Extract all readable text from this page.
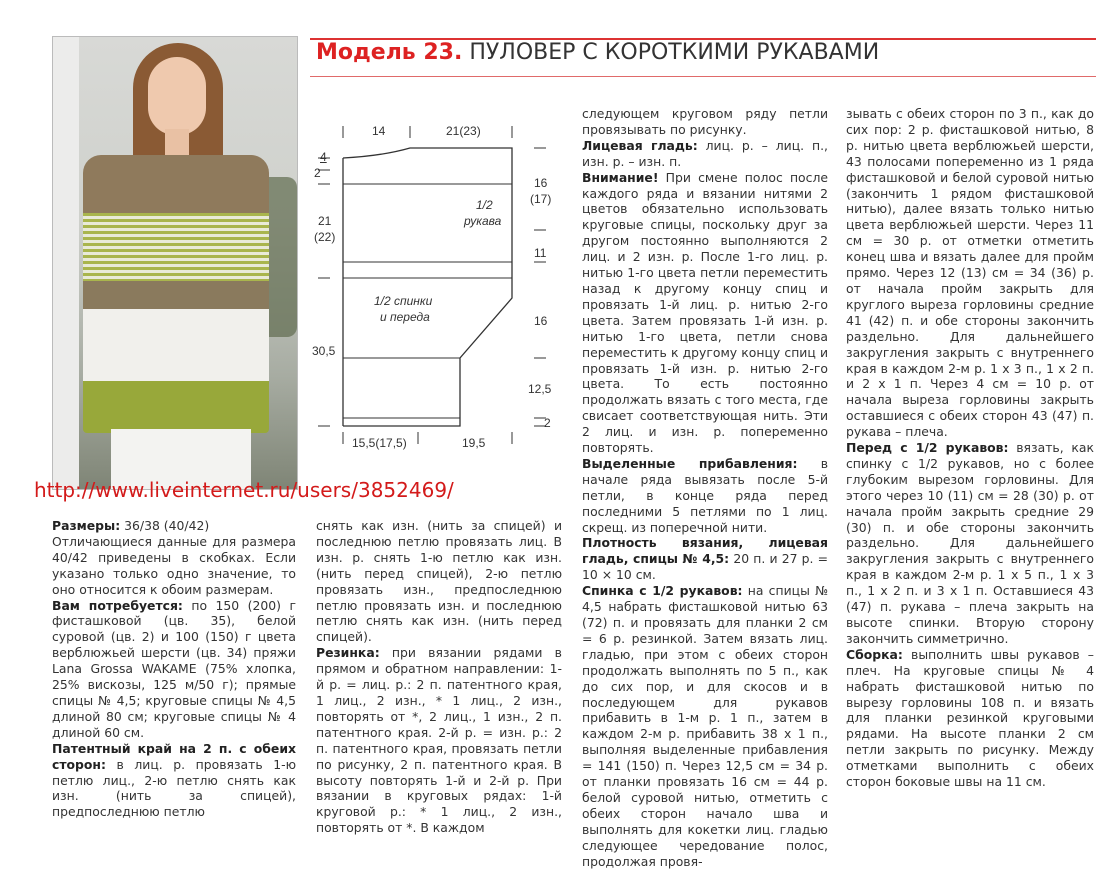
Модель 23. ПУЛОВЕР С КОРОТКИМИ РУКАВАМИ
14	21(23)
4
2
21
(22)
30,5
16
(17)
11
16
12,5
2
15,5(17,5)	19,5
1/2
рукава
1/2 спинки
и переда
http://www.liveinternet.ru/users/3852469/

Размеры: 36/38 (40/42)

Отличающиеся данные для размера 40/42 приведены в скобках. Если указано только одно значение, то оно относится к обоим размерам.

Вам потребуется: по 150 (200) г фисташковой (цв. 35), белой суровой (цв. 2) и 100 (150) г цвета верблюжьей шерсти (цв. 34) пряжи Lana Grossa WAKAME (75% хлопка, 25% вискозы, 125 м/50 г); прямые спицы № 4,5; круговые спицы № 4,5 длиной 80 см; круговые спицы № 4 длиной 60 см.

Патентный край на 2 п. с обеих сторон: в лиц. р. провязать 1-ю петлю лиц., 2-ю петлю снять как изн. (нить за спицей), предпоследнюю петлю

снять как изн. (нить за спицей) и последнюю петлю провязать лиц. В изн. р. снять 1-ю петлю как изн. (нить перед спицей), 2-ю петлю провязать изн., предпоследнюю петлю провязать изн. и последнюю петлю снять как изн. (нить перед спицей).

Резинка: при вязании рядами в прямом и обратном направлении: 1-й р. = лиц. р.: 2 п. патентного края, 1 лиц., 2 изн., * 1 лиц., 2 изн., повторять от *, 2 лиц., 1 изн., 2 п. патентного края. 2-й р. = изн. р.: 2 п. патентного края, провязать петли по рисунку, 2 п. патентного края. В высоту повторять 1-й и 2-й р. При вязании в круговых рядах: 1-й круговой р.: * 1 лиц., 2 изн., повторять от *. В каждом

следующем круговом ряду петли провязывать по рисунку.

Лицевая гладь: лиц. р. – лиц. п., изн. р. – изн. п.

Внимание! При смене полос после каждого ряда и вязании нитями 2 цветов обязательно использовать круговые спицы, поскольку друг за другом постоянно выполняются 2 лиц. и 2 изн. р. После 1-го лиц. р. нитью 1-го цвета петли переместить назад к другому концу спиц и провязать 1-й лиц. р. нитью 2-го цвета. Затем провязать 1-й изн. р. нитью 1-го цвета, петли снова переместить к другому концу спиц и провязать 1-й изн. р. нитью 2-го цвета. То есть постоянно продолжать вязать с того места, где свисает соответствующая нить. Эти 2 лиц. и изн. р. попеременно повторять.

Выделенные прибавления: в начале ряда вывязать после 5-й петли, в конце ряда перед последними 5 петлями по 1 лиц. скрещ. из поперечной нити.

Плотность вязания, лицевая гладь, спицы № 4,5: 20 п. и 27 р. = 10 × 10 см.

Спинка с 1/2 рукавов: на спицы № 4,5 набрать фисташковой нитью 63 (72) п. и провязать для планки 2 см = 6 р. резинкой. Затем вязать лиц. гладью, при этом с обеих сторон продолжать выполнять по 5 п., как до сих пор, и для скосов и в последующем для рукавов прибавить в 1-м р. 1 п., затем в каждом 2-м р. прибавить 38 х 1 п., выполняя выделенные прибавления = 141 (150) п. Через 12,5 см = 34 р. от планки провязать 16 см = 44 р. белой суровой нитью, отметить с обеих сторон начало шва и выполнять для кокетки лиц. гладью следующее чередование полос, продолжая провя-

зывать с обеих сторон по 3 п., как до сих пор: 2 р. фисташковой нитью, 8 р. нитью цвета верблюжьей шерсти, 43 полосами попеременно из 1 ряда фисташковой и белой суровой нитью (закончить 1 рядом фисташковой нитью), далее вязать только нитью цвета верблюжьей шерсти. Через 11 см = 30 р. от отметки отметить конец шва и вязать далее для пройм прямо. Через 12 (13) см = 34 (36) р. от начала пройм закрыть для круглого выреза горловины средние 41 (42) п. и обе стороны закончить раздельно. Для дальнейшего закругления закрыть с внутреннего края в каждом 2-м р. 1 х 3 п., 1 х 2 п. и 2 х 1 п. Через 4 см = 10 р. от начала выреза горловины закрыть оставшиеся с обеих сторон 43 (47) п. рукава – плеча.

Перед с 1/2 рукавов: вязать, как спинку с 1/2 рукавов, но с более глубоким вырезом горловины. Для этого через 10 (11) см = 28 (30) р. от начала пройм закрыть средние 29 (30) п. и обе стороны закончить раздельно. Для дальнейшего закругления закрыть с внутреннего края в каждом 2-м р. 1 х 5 п., 1 х 3 п., 1 х 2 п. и 3 х 1 п. Оставшиеся 43 (47) п. рукава – плеча закрыть на высоте спинки. Вторую сторону закончить симметрично.

Сборка: выполнить швы рукавов – плеч. На круговые спицы № 4 набрать фисташковой нитью по вырезу горловины 108 п. и вязать для планки резинкой круговыми рядами. На высоте планки 2 см петли закрыть по рисунку. Между отметками выполнить с обеих сторон боковые швы на 11 см.
